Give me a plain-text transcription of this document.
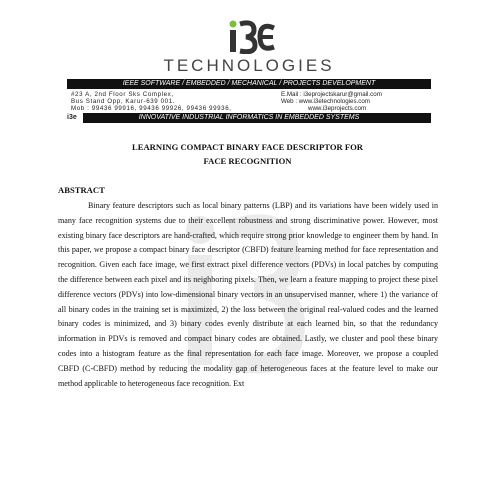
TECHNOLOGIES
IEEE SOFTWARE / EMBEDDED / MECHANICAL / PROJECTS DEVELOPMENT
#23 A, 2nd Floor Sks Complex,
Bus Stand Opp, Karur-639 001.
Mob : 99436 99916, 99436 99926, 99436 99936,
E.Mail : i3eprojectskarur@gmail.com
Web : www.i3etechnologies.com
www.i3eprojects.com
i3e	INNOVATIVE INDUSTRIAL INFORMATICS IN EMBEDDED SYSTEMS
LEARNING COMPACT BINARY FACE DESCRIPTOR FOR
FACE RECOGNITION
ABSTRACT

Binary feature descriptors such as local binary patterns (LBP) and its variations have been widely used in many face recognition systems due to their excellent robustness and strong discriminative power. However, most existing binary face descriptors are hand-crafted, which require strong prior knowledge to engineer them by hand. In this paper, we propose a compact binary face descriptor (CBFD) feature learning method for face representation and recognition. Given each face image, we first extract pixel difference vectors (PDVs) in local patches by computing the difference between each pixel and its neighboring pixels. Then, we learn a feature mapping to project these pixel difference vectors (PDVs) into low-dimensional binary vectors in an unsupervised manner, where 1) the variance of all binary codes in the training set is maximized, 2) the loss between the original real-valued codes and the learned binary codes is minimized, and 3) binary codes evenly distribute at each learned bin, so that the redundancy information in PDVs is removed and compact binary codes are obtained. Lastly, we cluster and pool these binary codes into a histogram feature as the final representation for each face image. Moreover, we propose a coupled CBFD (C-CBFD) method by reducing the modality gap of heterogeneous faces at the feature level to make our method applicable to heterogeneous face recognition. Ext
